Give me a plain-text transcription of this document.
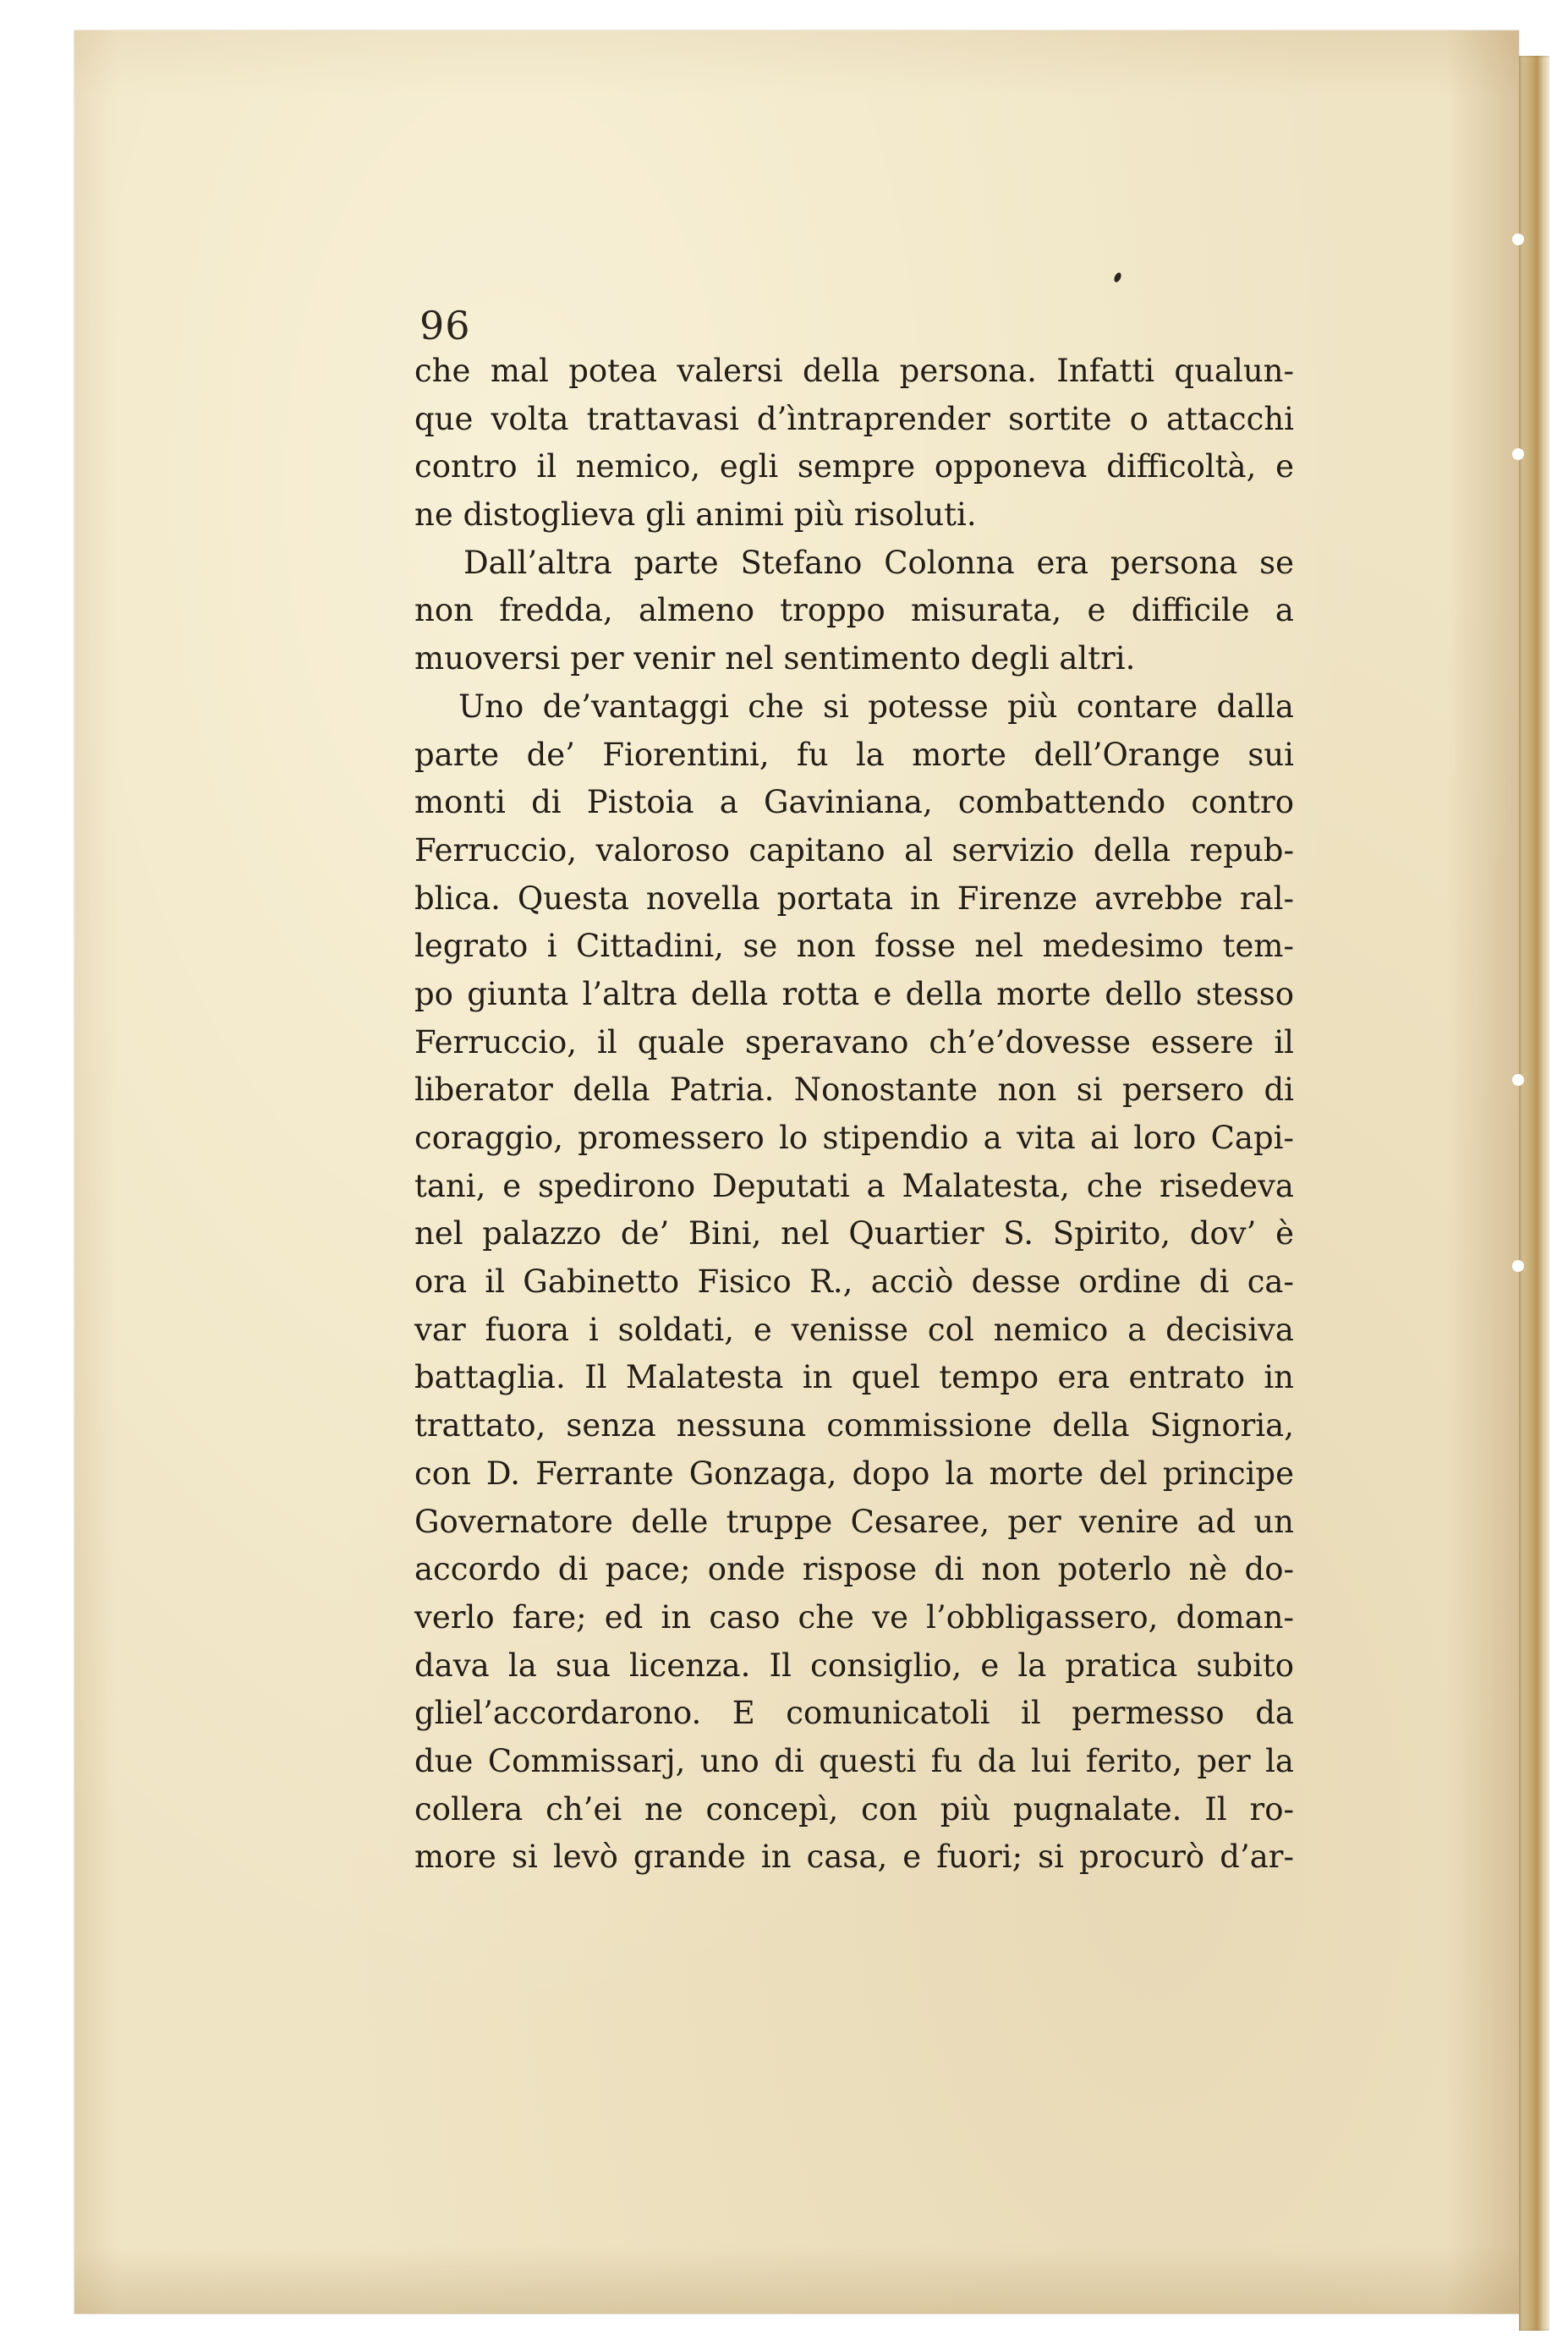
96
che mal potea valersi della persona. Infatti qualun-
que volta trattavasi d’ìntraprender sortite o attacchi
contro il nemico, egli sempre opponeva difficoltà, e
ne distoglieva gli animi più risoluti.
Dall’altra parte Stefano Colonna era persona se
non fredda, almeno troppo misurata, e difficile a
muoversi per venir nel sentimento degli altri.
Uno de’vantaggi che si potesse più contare dalla
parte de’ Fiorentini, fu la morte dell’Orange sui
monti di Pistoia a Gaviniana, combattendo contro
Ferruccio, valoroso capitano al servizio della repub-
blica. Questa novella portata in Firenze avrebbe ral-
legrato i Cittadini, se non fosse nel medesimo tem-
po giunta l’altra della rotta e della morte dello stesso
Ferruccio, il quale speravano ch’e’dovesse essere il
liberator della Patria. Nonostante non si persero di
coraggio, promessero lo stipendio a vita ai loro Capi-
tani, e spedirono Deputati a Malatesta, che risedeva
nel palazzo de’ Bini, nel Quartier S. Spirito, dov’ è
ora il Gabinetto Fisico R., acciò desse ordine di ca-
var fuora i soldati, e venisse col nemico a decisiva
battaglia. Il Malatesta in quel tempo era entrato in
trattato, senza nessuna commissione della Signoria,
con D. Ferrante Gonzaga, dopo la morte del principe
Governatore delle truppe Cesaree, per venire ad un
accordo di pace; onde rispose di non poterlo nè do-
verlo fare; ed in caso che ve l’obbligassero, doman-
dava la sua licenza. Il consiglio, e la pratica subito
gliel’accordarono. E comunicatoli il permesso da
due Commissarj, uno di questi fu da lui ferito, per la
collera ch’ei ne concepì, con più pugnalate. Il ro-
more si levò grande in casa, e fuori; si procurò d’ar-
